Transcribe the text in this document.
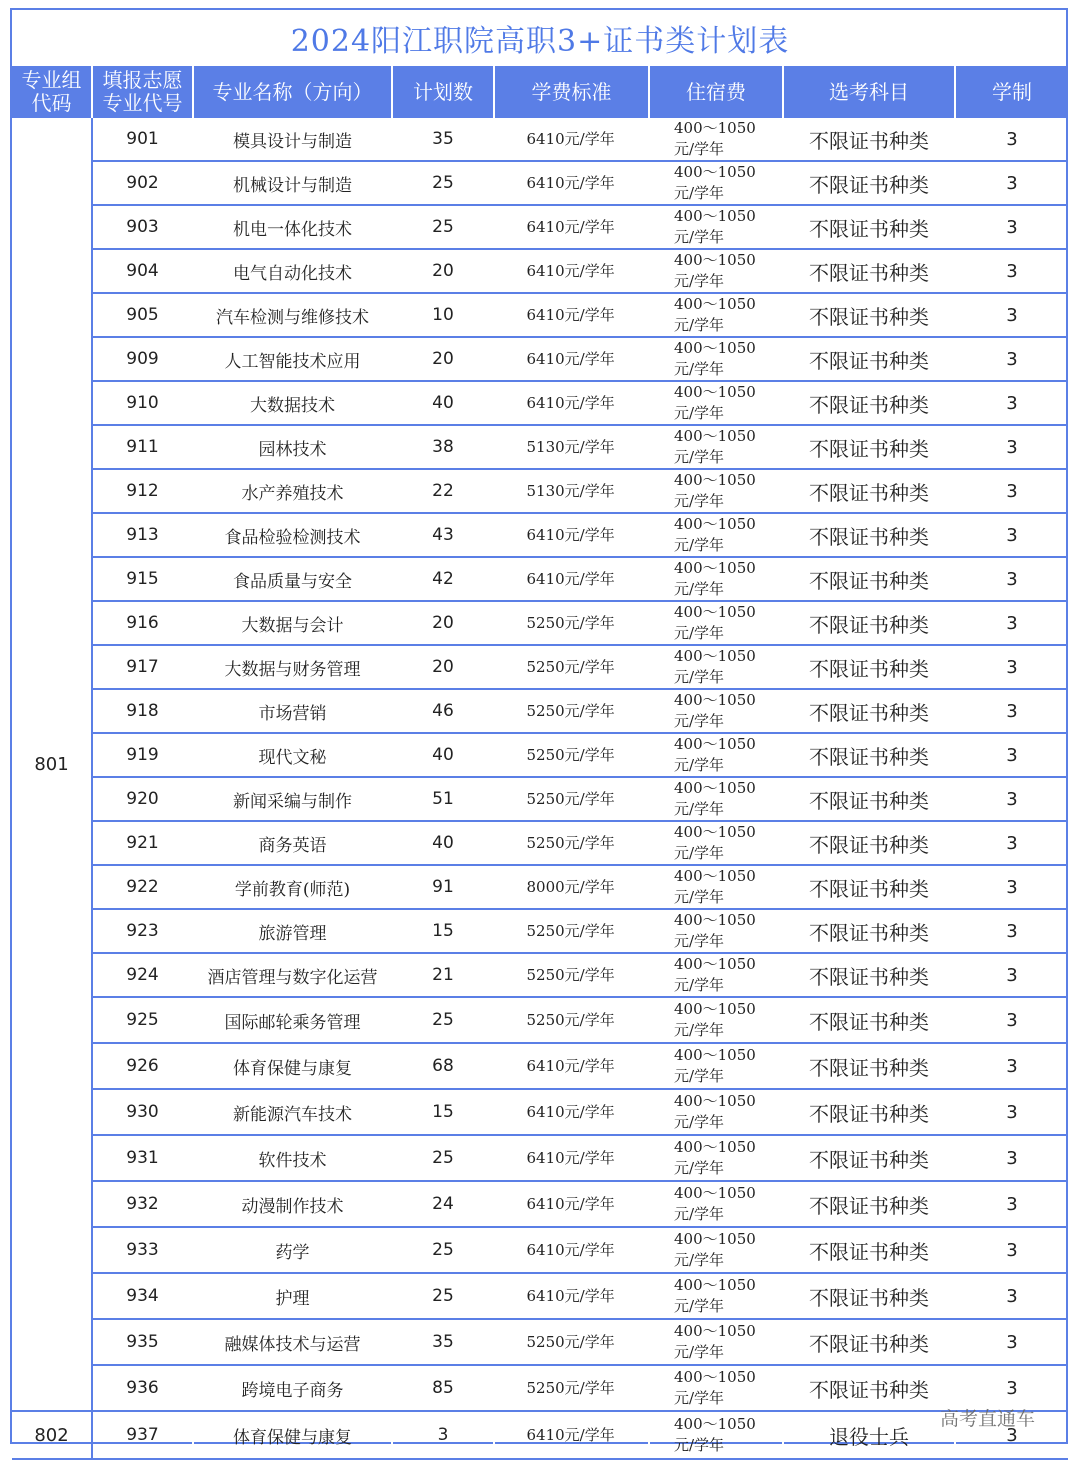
2024阳江职院高职3+证书类计划表
专业组代码	填报志愿专业代号	专业名称（方向）	计划数	学费标准	住宿费	选考科目	学制
801	901	模具设计与制造	35	6410元/学年	400～1050元/学年	不限证书种类	3
	902	机械设计与制造	25	6410元/学年	400～1050元/学年	不限证书种类	3
	903	机电一体化技术	25	6410元/学年	400～1050元/学年	不限证书种类	3
	904	电气自动化技术	20	6410元/学年	400～1050元/学年	不限证书种类	3
	905	汽车检测与维修技术	10	6410元/学年	400～1050元/学年	不限证书种类	3
	909	人工智能技术应用	20	6410元/学年	400～1050元/学年	不限证书种类	3
	910	大数据技术	40	6410元/学年	400～1050元/学年	不限证书种类	3
	911	园林技术	38	5130元/学年	400～1050元/学年	不限证书种类	3
	912	水产养殖技术	22	5130元/学年	400～1050元/学年	不限证书种类	3
	913	食品检验检测技术	43	6410元/学年	400～1050元/学年	不限证书种类	3
	915	食品质量与安全	42	6410元/学年	400～1050元/学年	不限证书种类	3
	916	大数据与会计	20	5250元/学年	400～1050元/学年	不限证书种类	3
	917	大数据与财务管理	20	5250元/学年	400～1050元/学年	不限证书种类	3
	918	市场营销	46	5250元/学年	400～1050元/学年	不限证书种类	3
	919	现代文秘	40	5250元/学年	400～1050元/学年	不限证书种类	3
	920	新闻采编与制作	51	5250元/学年	400～1050元/学年	不限证书种类	3
	921	商务英语	40	5250元/学年	400～1050元/学年	不限证书种类	3
	922	学前教育(师范)	91	8000元/学年	400～1050元/学年	不限证书种类	3
	923	旅游管理	15	5250元/学年	400～1050元/学年	不限证书种类	3
	924	酒店管理与数字化运营	21	5250元/学年	400～1050元/学年	不限证书种类	3
	925	国际邮轮乘务管理	25	5250元/学年	400～1050元/学年	不限证书种类	3
	926	体育保健与康复	68	6410元/学年	400～1050元/学年	不限证书种类	3
	930	新能源汽车技术	15	6410元/学年	400～1050元/学年	不限证书种类	3
	931	软件技术	25	6410元/学年	400～1050元/学年	不限证书种类	3
	932	动漫制作技术	24	6410元/学年	400～1050元/学年	不限证书种类	3
	933	药学	25	6410元/学年	400～1050元/学年	不限证书种类	3
	934	护理	25	6410元/学年	400～1050元/学年	不限证书种类	3
	935	融媒体技术与运营	35	5250元/学年	400～1050元/学年	不限证书种类	3
	936	跨境电子商务	85	5250元/学年	400～1050元/学年	不限证书种类	3
802	937	体育保健与康复	3	6410元/学年	400～1050元/学年	退役士兵	3
高考直通车
